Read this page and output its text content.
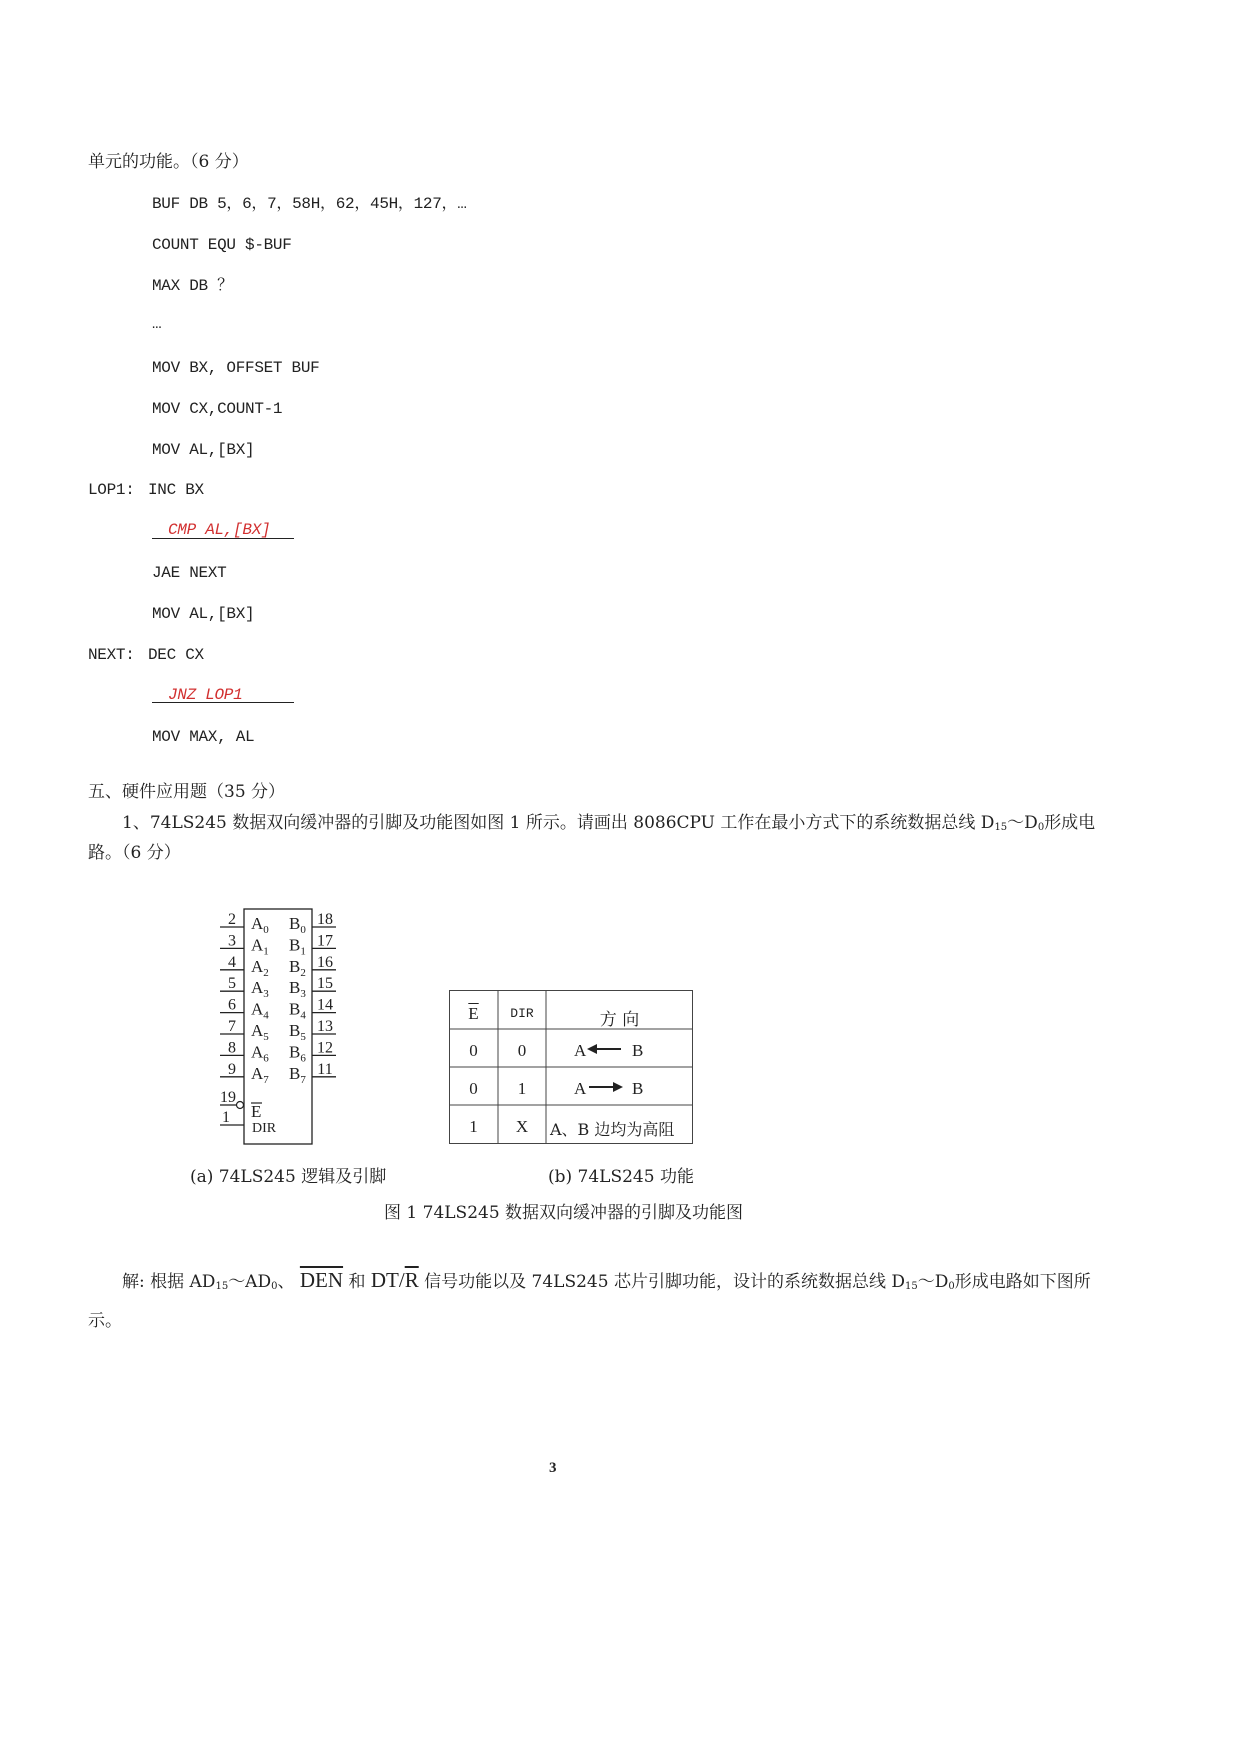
单元的功能。（6 分）
BUF DB 5，6，7，58H，62，45H，127，…
COUNT EQU $-BUF
MAX DB ？
…
MOV BX, OFFSET BUF
MOV CX,COUNT-1
MOV AL,[BX]
LOP1: INC BX
CMP AL,[BX]
JAE NEXT
MOV AL,[BX]
NEXT: DEC CX
JNZ LOP1
MOV MAX, AL
五、硬件应用题（35 分）
1、74LS245 数据双向缓冲器的引脚及功能图如图 1 所示。请画出 8086CPU 工作在最小方式下的系统数据总线 $D_{15}\sim D_0$形成电
路。（6 分）
2 $A_0$
18
$B_0$
3 $A_1$
17
$B_1$
4 $A_2$
16
$B_2$
5 $A_3$
15
$B_3$
6 $A_4$
14
$B_4$
7 $A_5$
13
$B_5$
8 $A_6$
12
$B_6$
9 $A_7$
11
$B_7$
19
E
1
DIR
$\overline{E}$	DIR	方 向
0	0	A	B
0	1	A	B
1	X	A、B 边均为高阻
(a) 74LS245 逻辑及引脚	(b) 74LS245 功能
图 1 74LS245 数据双向缓冲器的引脚及功能图
解: 根据 $AD_{15}\sim AD_0$、 $\overline{DEN}$ 和 $DT/\overline{R}$ 信号功能以及 74LS245 芯片引脚功能，设计的系统数据总线 $D_{15}\sim D_0$形成电路如下图所
示。
3
